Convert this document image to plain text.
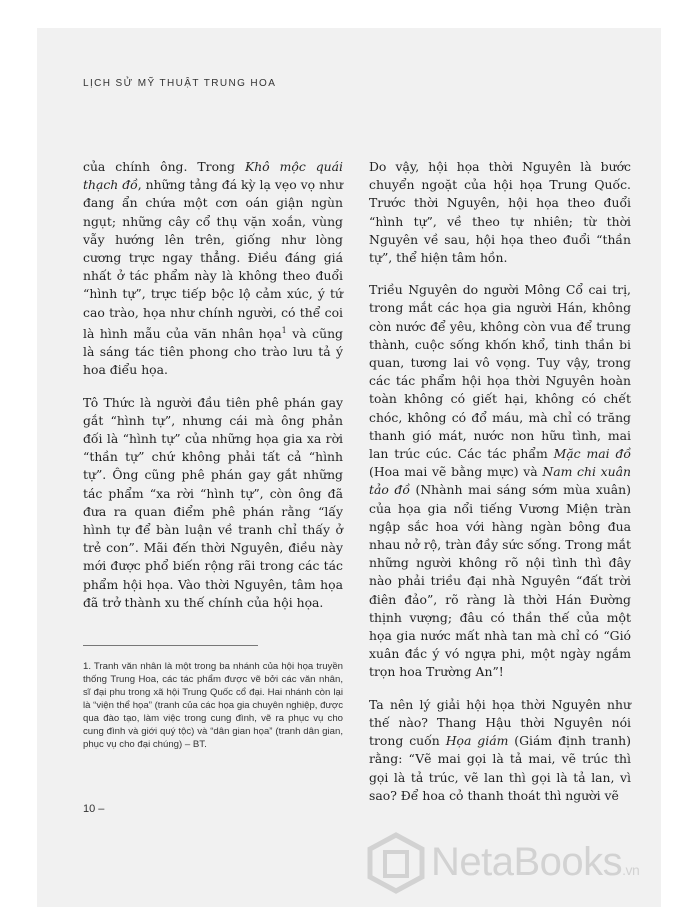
LỊCH SỬ MỸ THUẬT TRUNG HOA

của chính ông. Trong Khô mộc quái thạch đồ, những tảng đá kỳ lạ vẹo vọ như đang ẩn chứa một cơn oán giận ngùn ngụt; những cây cổ thụ vặn xoắn, vùng vẫy hướng lên trên, giống như lòng cương trực ngay thẳng. Điều đáng giá nhất ở tác phẩm này là không theo đuổi “hình tự”, trực tiếp bộc lộ cảm xúc, ý tứ cao trào, họa như chính người, có thể coi là hình mẫu của văn nhân họa$^1$ và cũng là sáng tác tiên phong cho trào lưu tả ý hoa điểu họa.

Tô Thức là người đầu tiên phê phán gay gắt “hình tự”, nhưng cái mà ông phản đối là “hình tự” của những họa gia xa rời “thần tự” chứ không phải tất cả “hình tự”. Ông cũng phê phán gay gắt những tác phẩm “xa rời “hình tự”, còn ông đã đưa ra quan điểm phê phán rằng “lấy hình tự để bàn luận về tranh chỉ thấy ở trẻ con”. Mãi đến thời Nguyên, điều này mới được phổ biến rộng rãi trong các tác phẩm hội họa. Vào thời Nguyên, tâm họa đã trở thành xu thế chính của hội họa.

1. Tranh văn nhân là một trong ba nhánh của hội họa truyền thống Trung Hoa, các tác phẩm được vẽ bởi các văn nhân, sĩ đại phu trong xã hội Trung Quốc cổ đại. Hai nhánh còn lại là “viện thể họa” (tranh của các họa gia chuyên nghiệp, được qua đào tạo, làm việc trong cung đình, vẽ ra phục vụ cho cung đình và giới quý tộc) và “dân gian họa” (tranh dân gian, phục vụ cho đại chúng) – BT.
10 –

Do vậy, hội họa thời Nguyên là bước chuyển ngoặt của hội họa Trung Quốc. Trước thời Nguyên, hội họa theo đuổi “hình tự”, về theo tự nhiên; từ thời Nguyên về sau, hội họa theo đuổi “thần tự”, thể hiện tâm hồn.

Triều Nguyên do người Mông Cổ cai trị, trong mắt các họa gia người Hán, không còn nước để yêu, không còn vua để trung thành, cuộc sống khốn khổ, tinh thần bi quan, tương lai vô vọng. Tuy vậy, trong các tác phẩm hội họa thời Nguyên hoàn toàn không có giết hại, không có chết chóc, không có đổ máu, mà chỉ có trăng thanh gió mát, nước non hữu tình, mai lan trúc cúc. Các tác phẩm Mặc mai đồ (Hoa mai vẽ bằng mực) và Nam chi xuân tảo đồ (Nhành mai sáng sớm mùa xuân) của họa gia nổi tiếng Vương Miện tràn ngập sắc hoa với hàng ngàn bông đua nhau nở rộ, tràn đầy sức sống. Trong mắt những người không rõ nội tình thì đây nào phải triều đại nhà Nguyên “đất trời điên đảo”, rõ ràng là thời Hán Đường thịnh vượng; đâu có thần thế của một họa gia nước mất nhà tan mà chỉ có “Gió xuân đắc ý vó ngựa phi, một ngày ngắm trọn hoa Trường An”!

Ta nên lý giải hội họa thời Nguyên như thế nào? Thang Hậu thời Nguyên nói trong cuốn Họa giám (Giám định tranh) rằng: “Vẽ mai gọi là tả mai, vẽ trúc thì gọi là tả trúc, vẽ lan thì gọi là tả lan, vì sao? Để hoa cỏ thanh thoát thì người vẽ

NetaBooks.vn
